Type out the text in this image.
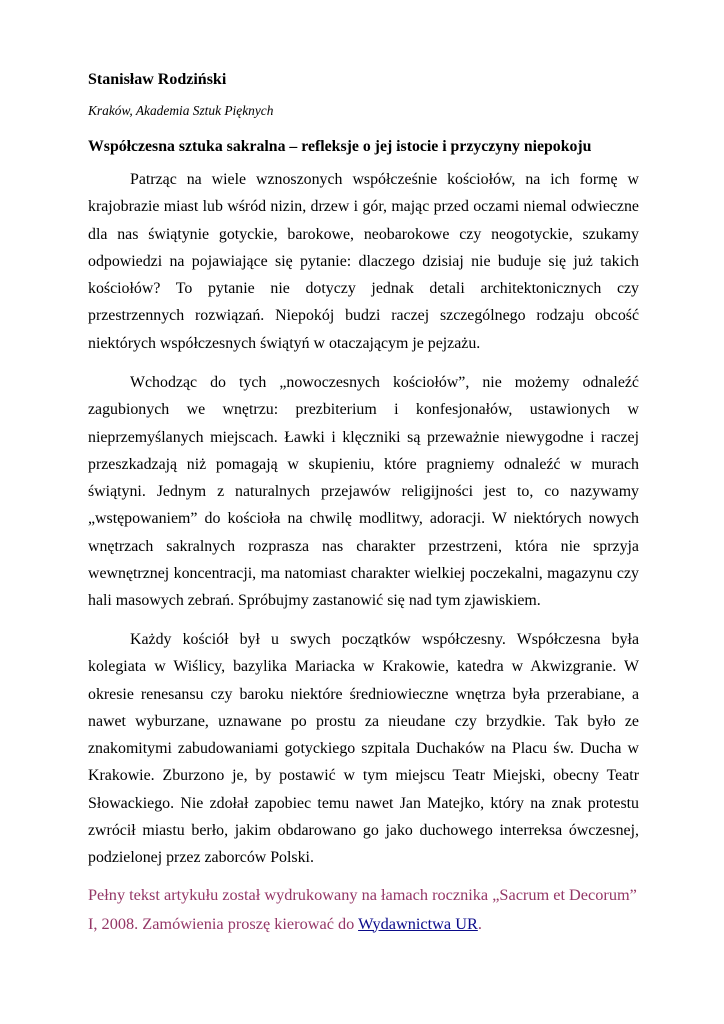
Stanisław Rodziński
Kraków, Akademia Sztuk Pięknych
Współczesna sztuka sakralna – refleksje o jej istocie i przyczyny niepokoju

Patrząc na wiele wznoszonych współcześnie kościołów, na ich formę w krajobrazie miast lub wśród nizin, drzew i gór, mając przed oczami niemal odwieczne dla nas świątynie gotyckie, barokowe, neobarokowe czy neogotyckie, szukamy odpowiedzi na pojawiające się pytanie: dlaczego dzisiaj nie buduje się już takich kościołów? To pytanie nie dotyczy jednak detali architektonicznych czy przestrzennych rozwiązań. Niepokój budzi raczej szczególnego rodzaju obcość niektórych współczesnych świątyń w otaczającym je pejzażu.

Wchodząc do tych „nowoczesnych kościołów”, nie możemy odnaleźć zagubionych we wnętrzu: prezbiterium i konfesjonałów, ustawionych w nieprzemyślanych miejscach. Ławki i klęczniki są przeważnie niewygodne i raczej przeszkadzają niż pomagają w skupieniu, które pragniemy odnaleźć w murach świątyni. Jednym z naturalnych przejawów religijności jest to, co nazywamy „wstępowaniem” do kościoła na chwilę modlitwy, adoracji. W niektórych nowych wnętrzach sakralnych rozprasza nas charakter przestrzeni, która nie sprzyja wewnętrznej koncentracji, ma natomiast charakter wielkiej poczekalni, magazynu czy hali masowych zebrań. Spróbujmy zastanowić się nad tym zjawiskiem.

Każdy kościół był u swych początków współczesny. Współczesna była kolegiata w Wiślicy, bazylika Mariacka w Krakowie, katedra w Akwizgranie. W okresie renesansu czy baroku niektóre średniowieczne wnętrza była przerabiane, a nawet wyburzane, uznawane po prostu za nieudane czy brzydkie. Tak było ze znakomitymi zabudowaniami gotyckiego szpitala Duchaków na Placu św. Ducha w Krakowie. Zburzono je, by postawić w tym miejscu Teatr Miejski, obecny Teatr Słowackiego. Nie zdołał zapobiec temu nawet Jan Matejko, który na znak protestu zwrócił miastu berło, jakim obdarowano go jako duchowego interreksa ówczesnej, podzielonej przez zaborców Polski.

Pełny tekst artykułu został wydrukowany na łamach rocznika „Sacrum et Decorum” I, 2008. Zamówienia proszę kierować do Wydawnictwa UR.
